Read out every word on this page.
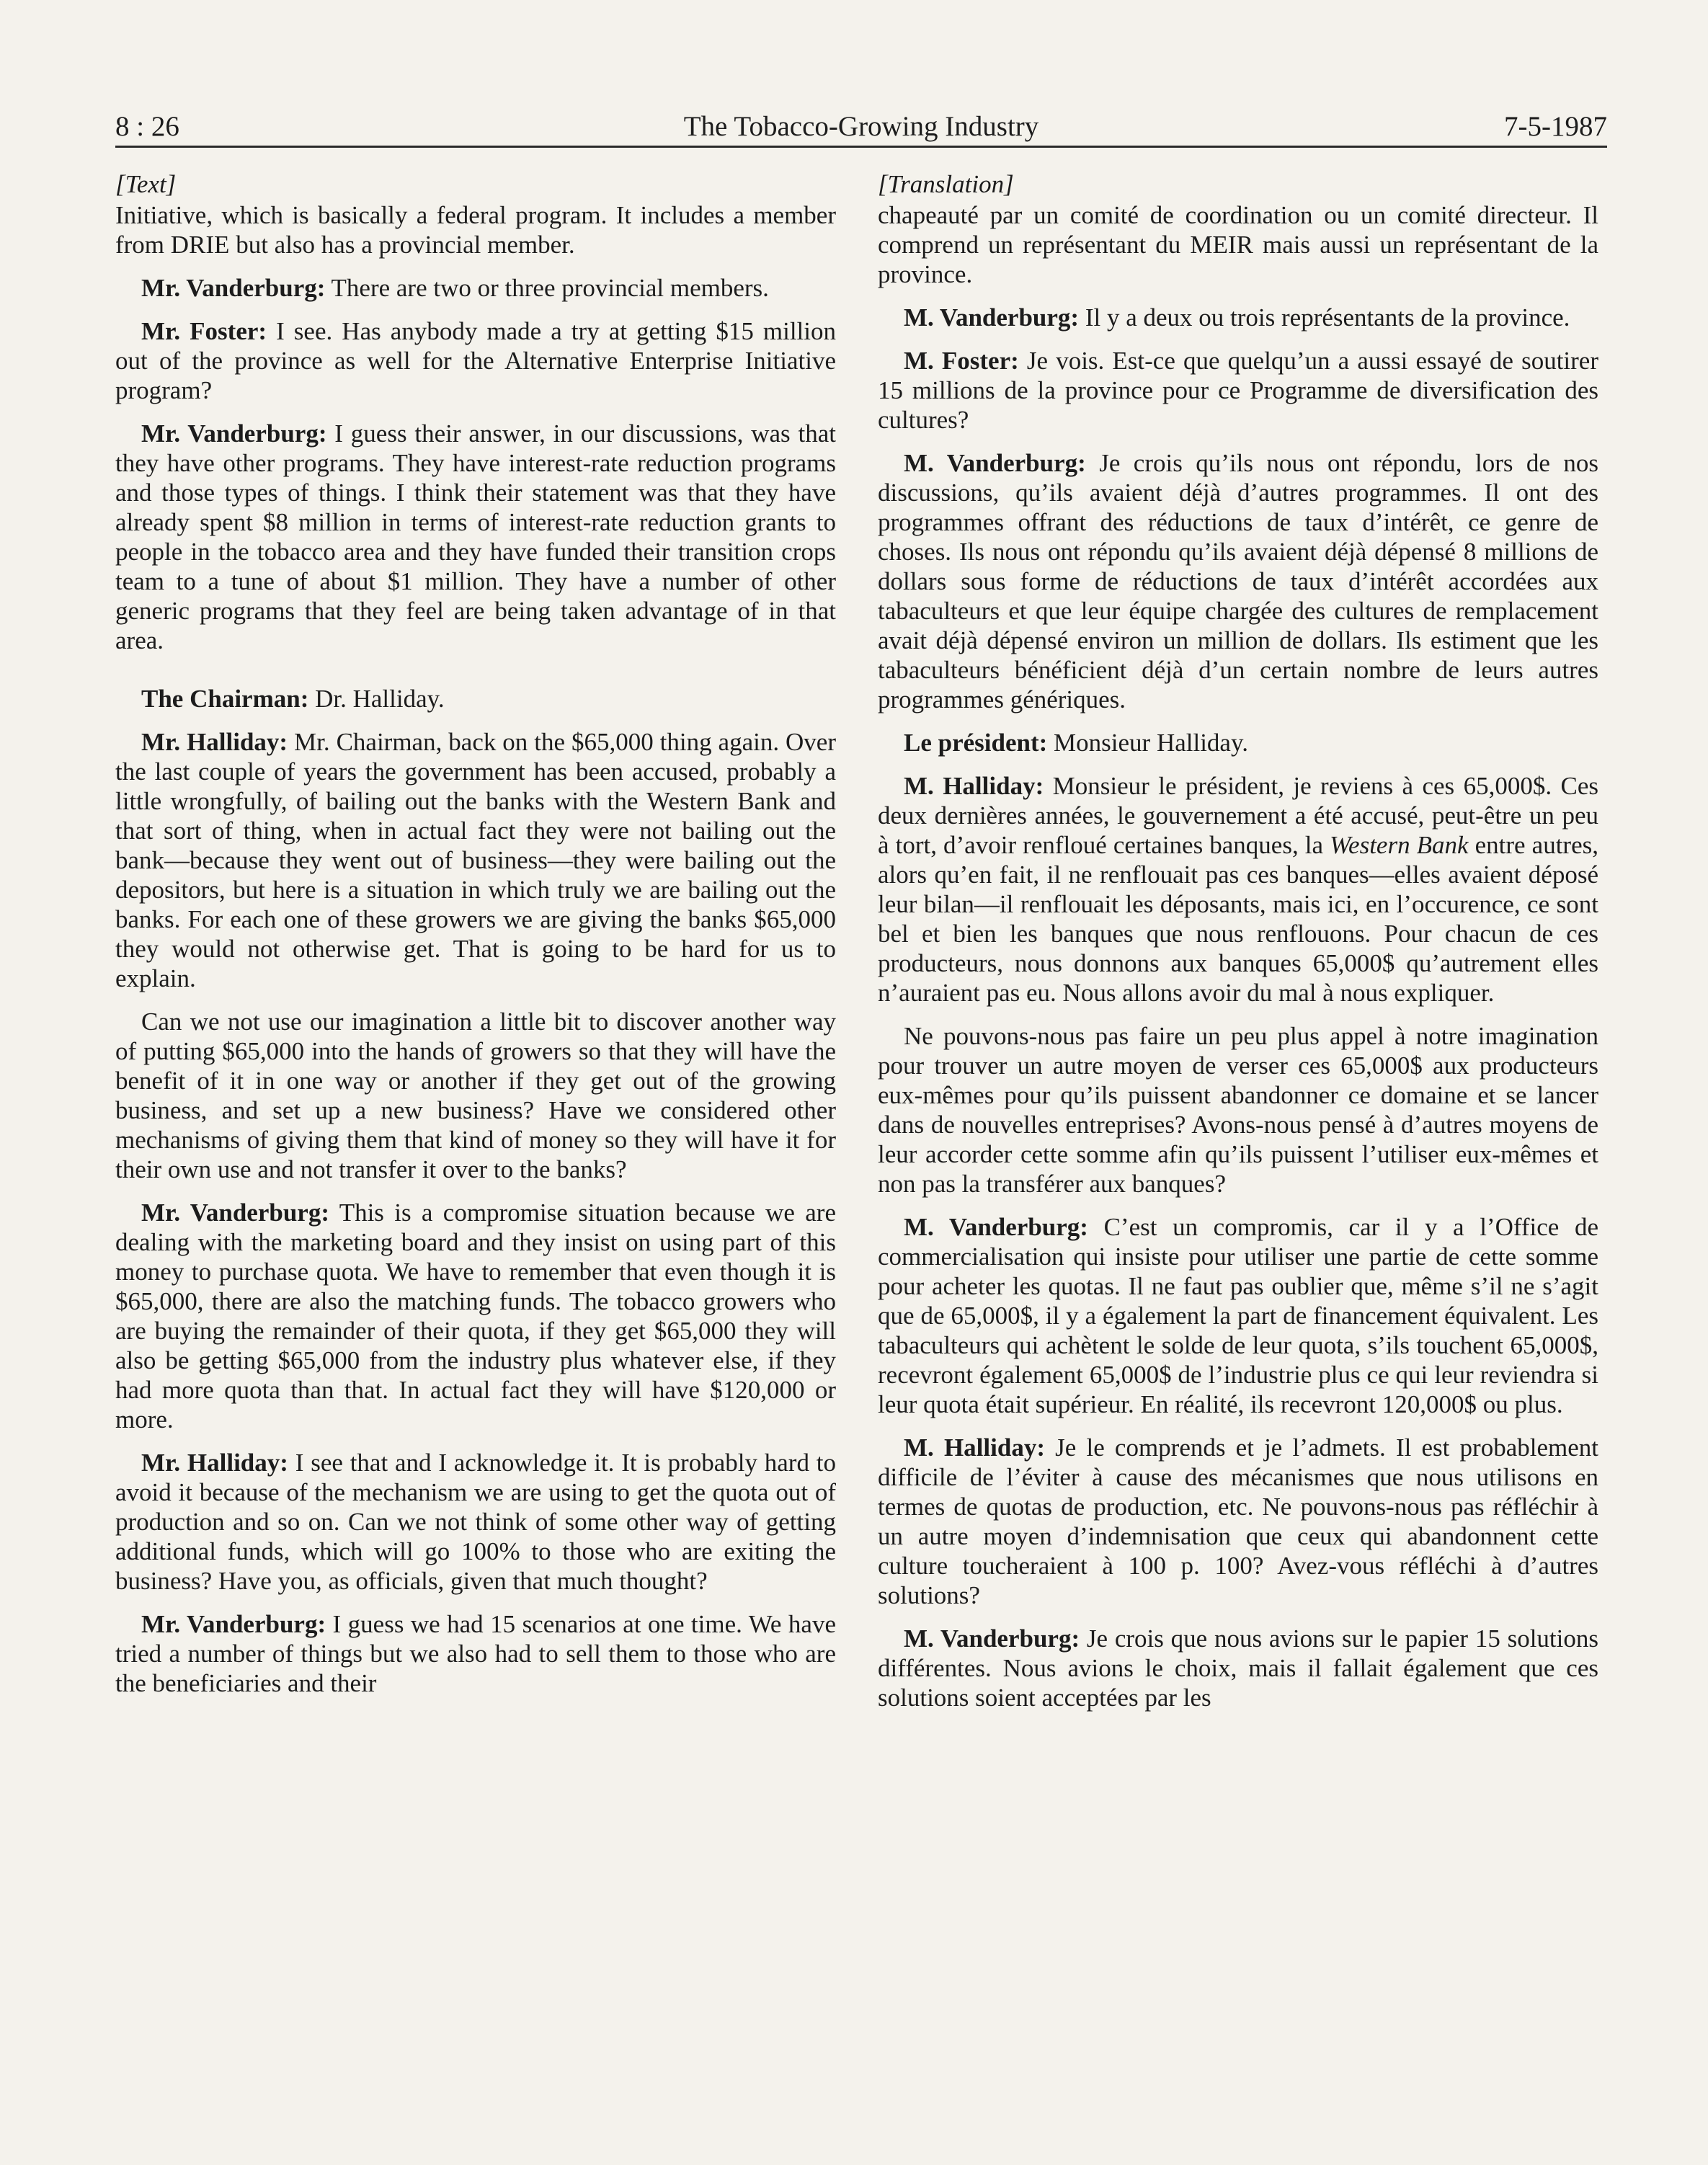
8 : 26	The Tobacco-Growing Industry	7-5-1987
[Text]

Initiative, which is basically a federal program. It includes a member from DRIE but also has a provincial member.

Mr. Vanderburg: There are two or three provincial members.

Mr. Foster: I see. Has anybody made a try at getting $15 million out of the province as well for the Alternative Enterprise Initiative program?

Mr. Vanderburg: I guess their answer, in our discussions, was that they have other programs. They have interest-rate reduction programs and those types of things. I think their statement was that they have already spent $8 million in terms of interest-rate reduction grants to people in the tobacco area and they have funded their transition crops team to a tune of about $1 million. They have a number of other generic programs that they feel are being taken advantage of in that area.

The Chairman: Dr. Halliday.

Mr. Halliday: Mr. Chairman, back on the $65,000 thing again. Over the last couple of years the government has been accused, probably a little wrongfully, of bailing out the banks with the Western Bank and that sort of thing, when in actual fact they were not bailing out the bank—because they went out of business—they were bailing out the depositors, but here is a situation in which truly we are bailing out the banks. For each one of these growers we are giving the banks $65,000 they would not otherwise get. That is going to be hard for us to explain.

Can we not use our imagination a little bit to discover another way of putting $65,000 into the hands of growers so that they will have the benefit of it in one way or another if they get out of the growing business, and set up a new business? Have we considered other mechanisms of giving them that kind of money so they will have it for their own use and not transfer it over to the banks?

Mr. Vanderburg: This is a compromise situation because we are dealing with the marketing board and they insist on using part of this money to purchase quota. We have to remember that even though it is $65,000, there are also the matching funds. The tobacco growers who are buying the remainder of their quota, if they get $65,000 they will also be getting $65,000 from the industry plus whatever else, if they had more quota than that. In actual fact they will have $120,000 or more.

Mr. Halliday: I see that and I acknowledge it. It is probably hard to avoid it because of the mechanism we are using to get the quota out of production and so on. Can we not think of some other way of getting additional funds, which will go 100% to those who are exiting the business? Have you, as officials, given that much thought?

Mr. Vanderburg: I guess we had 15 scenarios at one time. We have tried a number of things but we also had to sell them to those who are the beneficiaries and their

[Translation]

chapeauté par un comité de coordination ou un comité directeur. Il comprend un représentant du MEIR mais aussi un représentant de la province.

M. Vanderburg: Il y a deux ou trois représentants de la province.

M. Foster: Je vois. Est-ce que quelqu’un a aussi essayé de soutirer 15 millions de la province pour ce Programme de diversification des cultures?

M. Vanderburg: Je crois qu’ils nous ont répondu, lors de nos discussions, qu’ils avaient déjà d’autres programmes. Il ont des programmes offrant des réductions de taux d’intérêt, ce genre de choses. Ils nous ont répondu qu’ils avaient déjà dépensé 8 millions de dollars sous forme de réductions de taux d’intérêt accordées aux tabaculteurs et que leur équipe chargée des cultures de remplacement avait déjà dépensé environ un million de dollars. Ils estiment que les tabaculteurs bénéficient déjà d’un certain nombre de leurs autres programmes génériques.

Le président: Monsieur Halliday.

M. Halliday: Monsieur le président, je reviens à ces 65,000$. Ces deux dernières années, le gouvernement a été accusé, peut-être un peu à tort, d’avoir renfloué certaines banques, la Western Bank entre autres, alors qu’en fait, il ne renflouait pas ces banques—elles avaient déposé leur bilan—il renflouait les déposants, mais ici, en l’occurence, ce sont bel et bien les banques que nous renflouons. Pour chacun de ces producteurs, nous donnons aux banques 65,000$ qu’autrement elles n’auraient pas eu. Nous allons avoir du mal à nous expliquer.

Ne pouvons-nous pas faire un peu plus appel à notre imagination pour trouver un autre moyen de verser ces 65,000$ aux producteurs eux-mêmes pour qu’ils puissent abandonner ce domaine et se lancer dans de nouvelles entreprises? Avons-nous pensé à d’autres moyens de leur accorder cette somme afin qu’ils puissent l’utiliser eux-mêmes et non pas la transférer aux banques?

M. Vanderburg: C’est un compromis, car il y a l’Office de commercialisation qui insiste pour utiliser une partie de cette somme pour acheter les quotas. Il ne faut pas oublier que, même s’il ne s’agit que de 65,000$, il y a également la part de financement équivalent. Les tabaculteurs qui achètent le solde de leur quota, s’ils touchent 65,000$, recevront également 65,000$ de l’industrie plus ce qui leur reviendra si leur quota était supérieur. En réalité, ils recevront 120,000$ ou plus.

M. Halliday: Je le comprends et je l’admets. Il est probablement difficile de l’éviter à cause des mécanismes que nous utilisons en termes de quotas de production, etc. Ne pouvons-nous pas réfléchir à un autre moyen d’indemnisation que ceux qui abandonnent cette culture toucheraient à 100 p. 100? Avez-vous réfléchi à d’autres solutions?

M. Vanderburg: Je crois que nous avions sur le papier 15 solutions différentes. Nous avions le choix, mais il fallait également que ces solutions soient acceptées par les
